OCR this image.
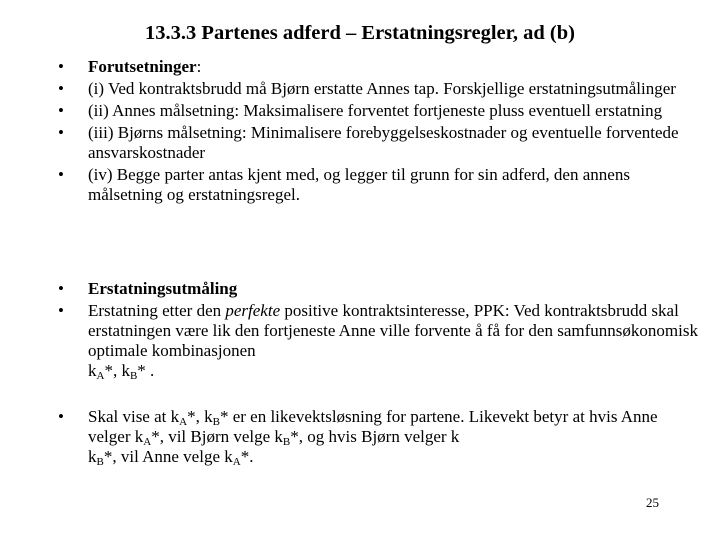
13.3.3 Partenes adferd – Erstatningsregler, ad (b)
•	Forutsetninger:
•	(i) Ved kontraktsbrudd må Bjørn erstatte Annes tap. Forskjellige erstatningsutmålinger
•	(ii) Annes målsetning: Maksimalisere forventet fortjeneste pluss eventuell erstatning
•	(iii) Bjørns målsetning: Minimalisere forebyggelseskostnader og eventuelle forventede ansvarskostnader
•	(iv) Begge parter antas kjent med, og legger til grunn for sin adferd, den annens målsetning og erstatningsregel.
•	Erstatningsutmåling
•	Erstatning etter den perfekte positive kontraktsinteresse, PPK: Ved kontraktsbrudd skal erstatningen være lik den fortjeneste Anne ville forvente å få for den samfunnsøkonomisk optimale kombinasjonen
$k_A*$, $k_B*$ .
•	Skal vise at $k_A*$, $k_B*$ er en likevektsløsning for partene. Likevekt betyr at hvis Anne velger $k_A*$, vil Bjørn velge $k_B*$, og hvis Bjørn velger k
$k_B*$, vil Anne velge $k_A*$.
25
